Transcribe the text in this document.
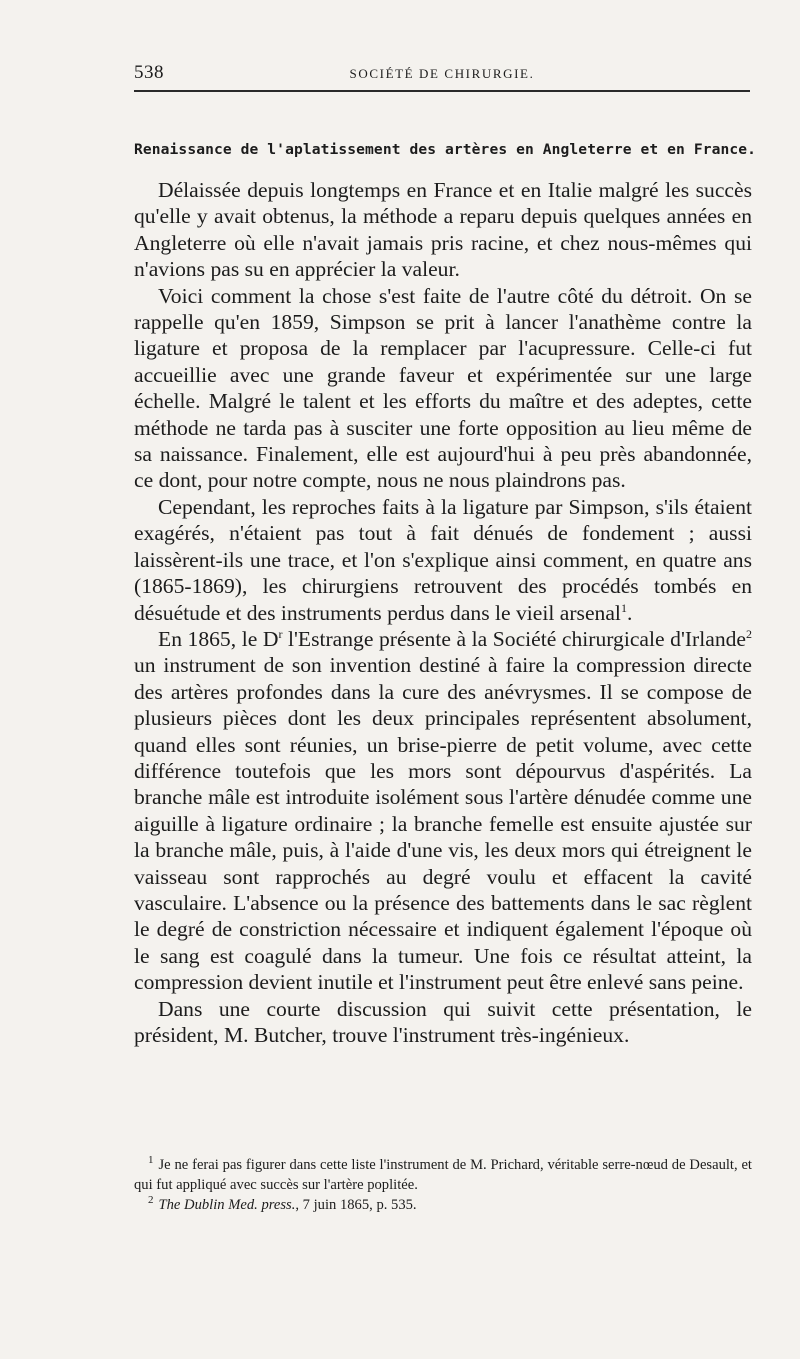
538	SOCIÉTÉ DE CHIRURGIE.
Renaissance de l'aplatissement des artères en Angleterre et en France.

Délaissée depuis longtemps en France et en Italie malgré les succès qu'elle y avait obtenus, la méthode a reparu depuis quelques années en Angleterre où elle n'avait jamais pris racine, et chez nous-mêmes qui n'avions pas su en apprécier la valeur.

Voici comment la chose s'est faite de l'autre côté du détroit. On se rappelle qu'en 1859, Simpson se prit à lancer l'anathème contre la ligature et proposa de la remplacer par l'acupressure. Celle-ci fut accueillie avec une grande faveur et expérimentée sur une large échelle. Malgré le talent et les efforts du maître et des adeptes, cette méthode ne tarda pas à susciter une forte opposition au lieu même de sa naissance. Finalement, elle est aujourd'hui à peu près abandonnée, ce dont, pour notre compte, nous ne nous plaindrons pas.

Cependant, les reproches faits à la ligature par Simpson, s'ils étaient exagérés, n'étaient pas tout à fait dénués de fondement ; aussi laissèrent-ils une trace, et l'on s'explique ainsi comment, en quatre ans (1865-1869), les chirurgiens retrouvent des procédés tombés en désuétude et des instruments perdus dans le vieil arsenal$^1$.

En 1865, le $D^r$ l'Estrange présente à la Société chirurgicale d'Irlande$^2$ un instrument de son invention destiné à faire la compression directe des artères profondes dans la cure des anévrysmes. Il se compose de plusieurs pièces dont les deux principales représentent absolument, quand elles sont réunies, un brise-pierre de petit volume, avec cette différence toutefois que les mors sont dépourvus d'aspérités. La branche mâle est introduite isolément sous l'artère dénudée comme une aiguille à ligature ordinaire ; la branche femelle est ensuite ajustée sur la branche mâle, puis, à l'aide d'une vis, les deux mors qui étreignent le vaisseau sont rapprochés au degré voulu et effacent la cavité vasculaire. L'absence ou la présence des battements dans le sac règlent le degré de constriction nécessaire et indiquent également l'époque où le sang est coagulé dans la tumeur. Une fois ce résultat atteint, la compression devient inutile et l'instrument peut être enlevé sans peine.

Dans une courte discussion qui suivit cette présentation, le président, M. Butcher, trouve l'instrument très-ingénieux.

$^1$ Je ne ferai pas figurer dans cette liste l'instrument de M. Prichard, véritable serre-nœud de Desault, et qui fut appliqué avec succès sur l'artère poplitée.

$^2$ The Dublin Med. press., 7 juin 1865, p. 535.
